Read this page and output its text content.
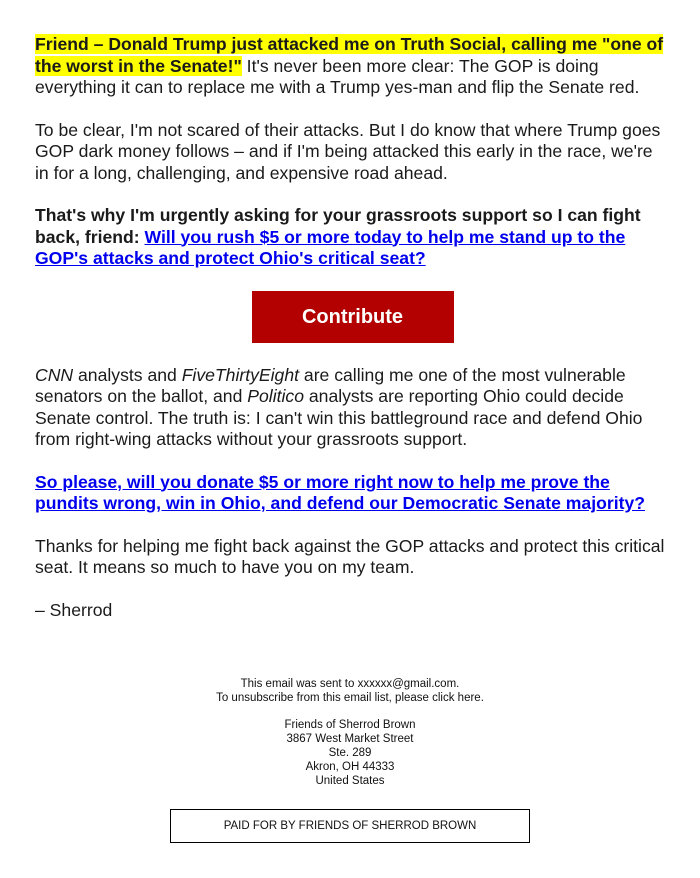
Friend – Donald Trump just attacked me on Truth Social, calling me "one of the worst in the Senate!" It's never been more clear: The GOP is doing everything it can to replace me with a Trump yes-man and flip the Senate red.

To be clear, I'm not scared of their attacks. But I do know that where Trump goes GOP dark money follows – and if I'm being attacked this early in the race, we're in for a long, challenging, and expensive road ahead.

That's why I'm urgently asking for your grassroots support so I can fight back, friend: Will you rush $5 or more today to help me stand up to the GOP's attacks and protect Ohio's critical seat?

Contribute

CNN analysts and FiveThirtyEight are calling me one of the most vulnerable senators on the ballot, and Politico analysts are reporting Ohio could decide Senate control. The truth is: I can't win this battleground race and defend Ohio from right-wing attacks without your grassroots support.

So please, will you donate $5 or more right now to help me prove the pundits wrong, win in Ohio, and defend our Democratic Senate majority?

Thanks for helping me fight back against the GOP attacks and protect this critical seat. It means so much to have you on my team.

– Sherrod

This email was sent to xxxxxx@gmail.com.
To unsubscribe from this email list, please click here.
Friends of Sherrod Brown
3867 West Market Street
Ste. 289
Akron, OH 44333
United States
PAID FOR BY FRIENDS OF SHERROD BROWN
